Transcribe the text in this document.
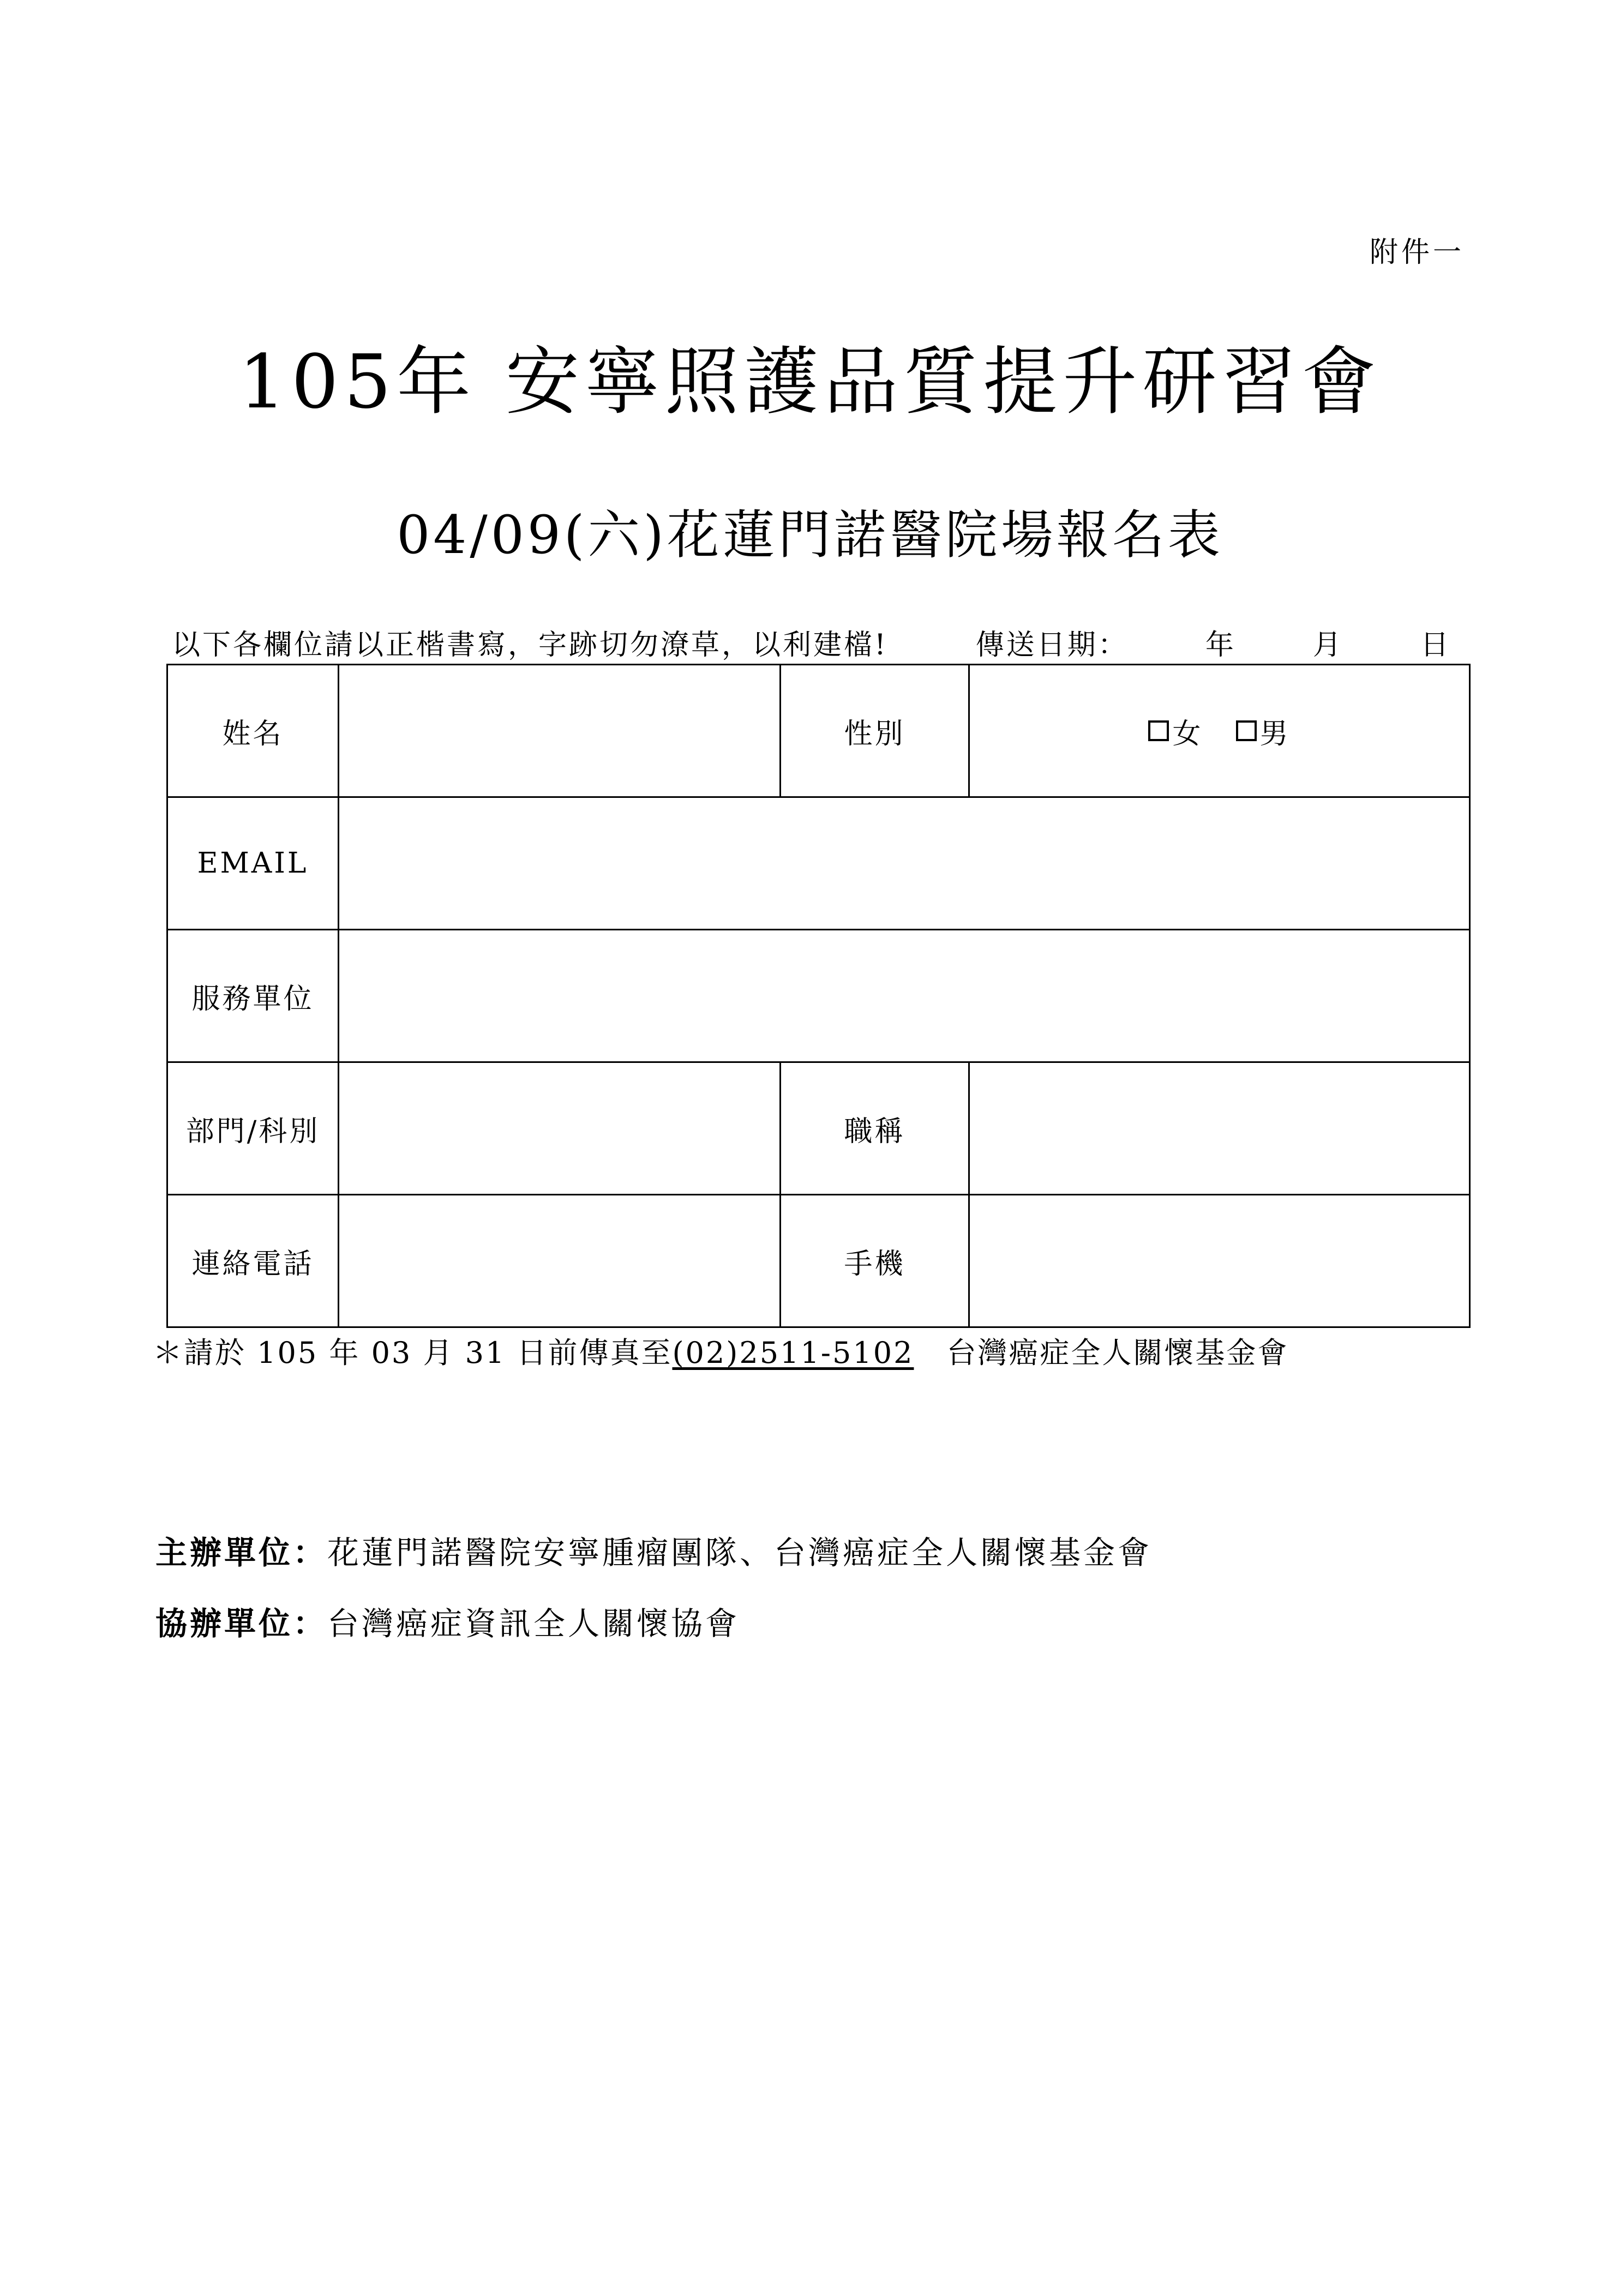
附件一
105年 安寧照護品質提升研習會
04/09(六)花蓮門諾醫院場報名表
以下各欄位請以正楷書寫，字跡切勿潦草，以利建檔!	傳送日期：	年	月	日
姓名		性別	女 男

EMAIL			
服務單位			
部門/科別		職稱	
連絡電話		手機	
＊請於 105 年 03 月 31 日前傳真至(02)2511-5102 台灣癌症全人關懷基金會
主辦單位：花蓮門諾醫院安寧腫瘤團隊、台灣癌症全人關懷基金會
協辦單位：台灣癌症資訊全人關懷協會
